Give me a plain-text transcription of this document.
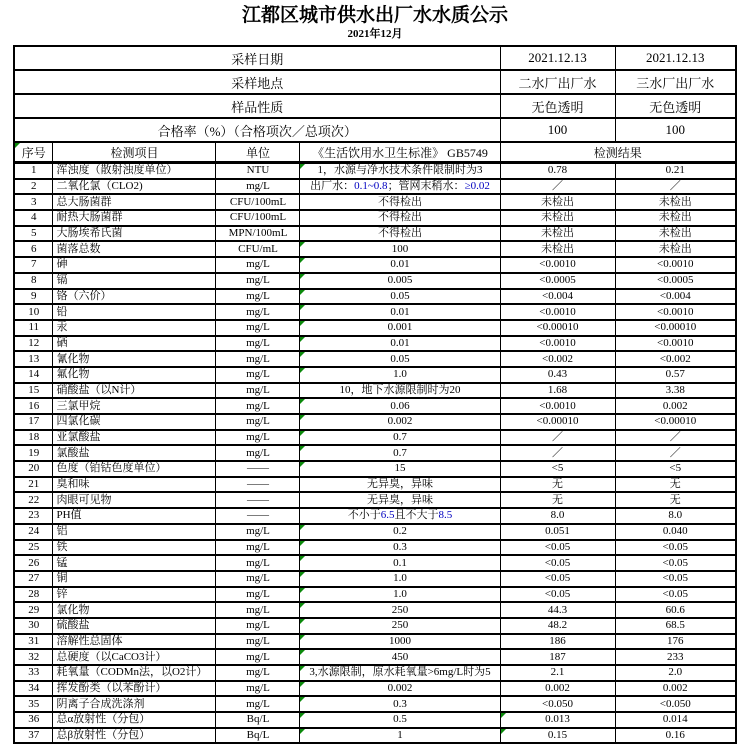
江都区城市供水出厂水水质公示
2021年12月
采样日期				2021.12.13	2021.12.13
采样地点				二水厂出厂水	三水厂出厂水
样品性质				无色透明	无色透明
合格率（%）（合格项次／总项次）				100	100
序号	检测项目	单位	《生活饮用水卫生标准》 GB5749	检测结果	
1	浑浊度（散射浊度单位）	NTU	1，水源与净水技术条件限制时为3	0.78	0.21
2	二氧化氯（CLO2)	mg/L	出厂水：0.1~0.8；管网末稍水：≥0.02	／	／
3	总大肠菌群	CFU/100mL	不得检出	未检出	未检出
4	耐热大肠菌群	CFU/100mL	不得检出	未检出	未检出
5	大肠埃希氏菌	MPN/100mL	不得检出	未检出	未检出
6	菌落总数	CFU/mL	100	未检出	未检出
7	砷	mg/L	0.01	<0.0010	<0.0010
8	镉	mg/L	0.005	<0.0005	<0.0005
9	铬（六价）	mg/L	0.05	<0.004	<0.004
10	铅	mg/L	0.01	<0.0010	<0.0010
11	汞	mg/L	0.001	<0.00010	<0.00010
12	硒	mg/L	0.01	<0.0010	<0.0010
13	氰化物	mg/L	0.05	<0.002	<0.002
14	氟化物	mg/L	1.0	0.43	0.57
15	硝酸盐（以N计）	mg/L	10，地下水源限制时为20	1.68	3.38
16	三氯甲烷	mg/L	0.06	<0.0010	0.002
17	四氯化碳	mg/L	0.002	<0.00010	<0.00010
18	亚氯酸盐	mg/L	0.7	／	／
19	氯酸盐	mg/L	0.7	／	／
20	色度（铂钴色度单位）	——	15	<5	<5
21	臭和味	——	无异臭，异味	无	无
22	肉眼可见物	——	无异臭，异味	无	无
23	PH值	——	不小于6.5且不大于8.5	8.0	8.0
24	铝	mg/L	0.2	0.051	0.040
25	铁	mg/L	0.3	<0.05	<0.05
26	锰	mg/L	0.1	<0.05	<0.05
27	铜	mg/L	1.0	<0.05	<0.05
28	锌	mg/L	1.0	<0.05	<0.05
29	氯化物	mg/L	250	44.3	60.6
30	硫酸盐	mg/L	250	48.2	68.5
31	溶解性总固体	mg/L	1000	186	176
32	总硬度（以CaCO3计）	mg/L	450	187	233
33	耗氧量（CODMn法，以O2计）	mg/L	3,水源限制，原水耗氧量>6mg/L时为5	2.1	2.0
34	挥发酚类（以苯酚计）	mg/L	0.002	0.002	0.002
35	阴离子合成洗涤剂	mg/L	0.3	<0.050	<0.050
36	总α放射性（分包）	Bq/L	0.5	0.013	0.014
37	总β放射性（分包）	Bq/L	1	0.15	0.16
